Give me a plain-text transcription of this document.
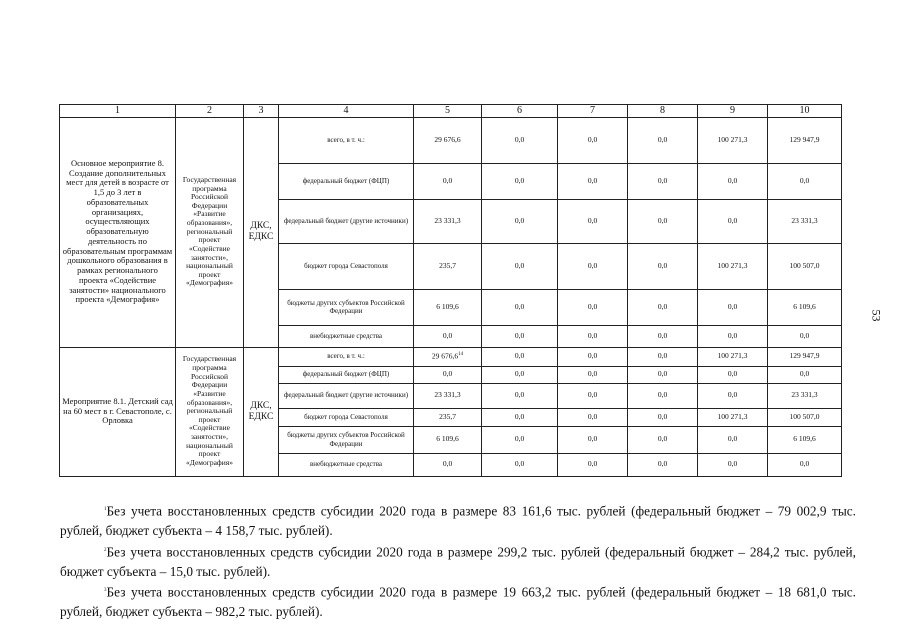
1	2	3	4	5	6	7	8	9	10
Основное мероприятие 8. Создание дополнительных мест для детей в возрасте от 1,5 до 3 лет в образовательных организациях, осуществляющих образовательную деятельность по образовательным программам дошкольного образования в рамках регионального проекта «Содействие занятости» национального проекта «Демография»	Государственная программа Российской Федерации «Развитие образования», региональный проект «Содействие занятости», национальный проект «Демография»	ДКС, ЕДКС	всего, в т. ч.:	29 676,6	0,0	0,0	0,0	100 271,3	129 947,9
			федеральный бюджет (ФЦП)	0,0	0,0	0,0	0,0	0,0	0,0
			федеральный бюджет (другие источники)	23 331,3	0,0	0,0	0,0	0,0	23 331,3
			бюджет города Севастополя	235,7	0,0	0,0	0,0	100 271,3	100 507,0
			бюджеты других субъектов Российской Федерации	6 109,6	0,0	0,0	0,0	0,0	6 109,6
			внебюджетные средства	0,0	0,0	0,0	0,0	0,0	0,0
Мероприятие 8.1. Детский сад на 60 мест в г. Севастополе, с. Орловка	Государственная программа Российской Федерации «Развитие образования», региональный проект «Содействие занятости», национальный проект «Демография»	ДКС, ЕДКС	всего, в т. ч.:	29 676,6$^{14}$	0,0	0,0	0,0	100 271,3	129 947,9
			федеральный бюджет (ФЦП)	0,0	0,0	0,0	0,0	0,0	0,0
			федеральный бюджет (другие источники)	23 331,3	0,0	0,0	0,0	0,0	23 331,3
			бюджет города Севастополя	235,7	0,0	0,0	0,0	100 271,3	100 507,0
			бюджеты других субъектов Российской Федерации	6 109,6	0,0	0,0	0,0	0,0	6 109,6
			внебюджетные средства	0,0	0,0	0,0	0,0	0,0	0,0

$^1$Без учета восстановленных средств субсидии 2020 года в размере 83 161,6 тыс. рублей (федеральный бюджет – 79 002,9 тыс. рублей, бюджет субъекта – 4 158,7 тыс. рублей).

$^2$Без учета восстановленных средств субсидии 2020 года в размере 299,2 тыс. рублей (федеральный бюджет – 284,2 тыс. рублей, бюджет субъекта – 15,0 тыс. рублей).

$^3$Без учета восстановленных средств субсидии 2020 года в размере 19 663,2 тыс. рублей (федеральный бюджет – 18 681,0 тыс. рублей, бюджет субъекта – 982,2 тыс. рублей).

53
